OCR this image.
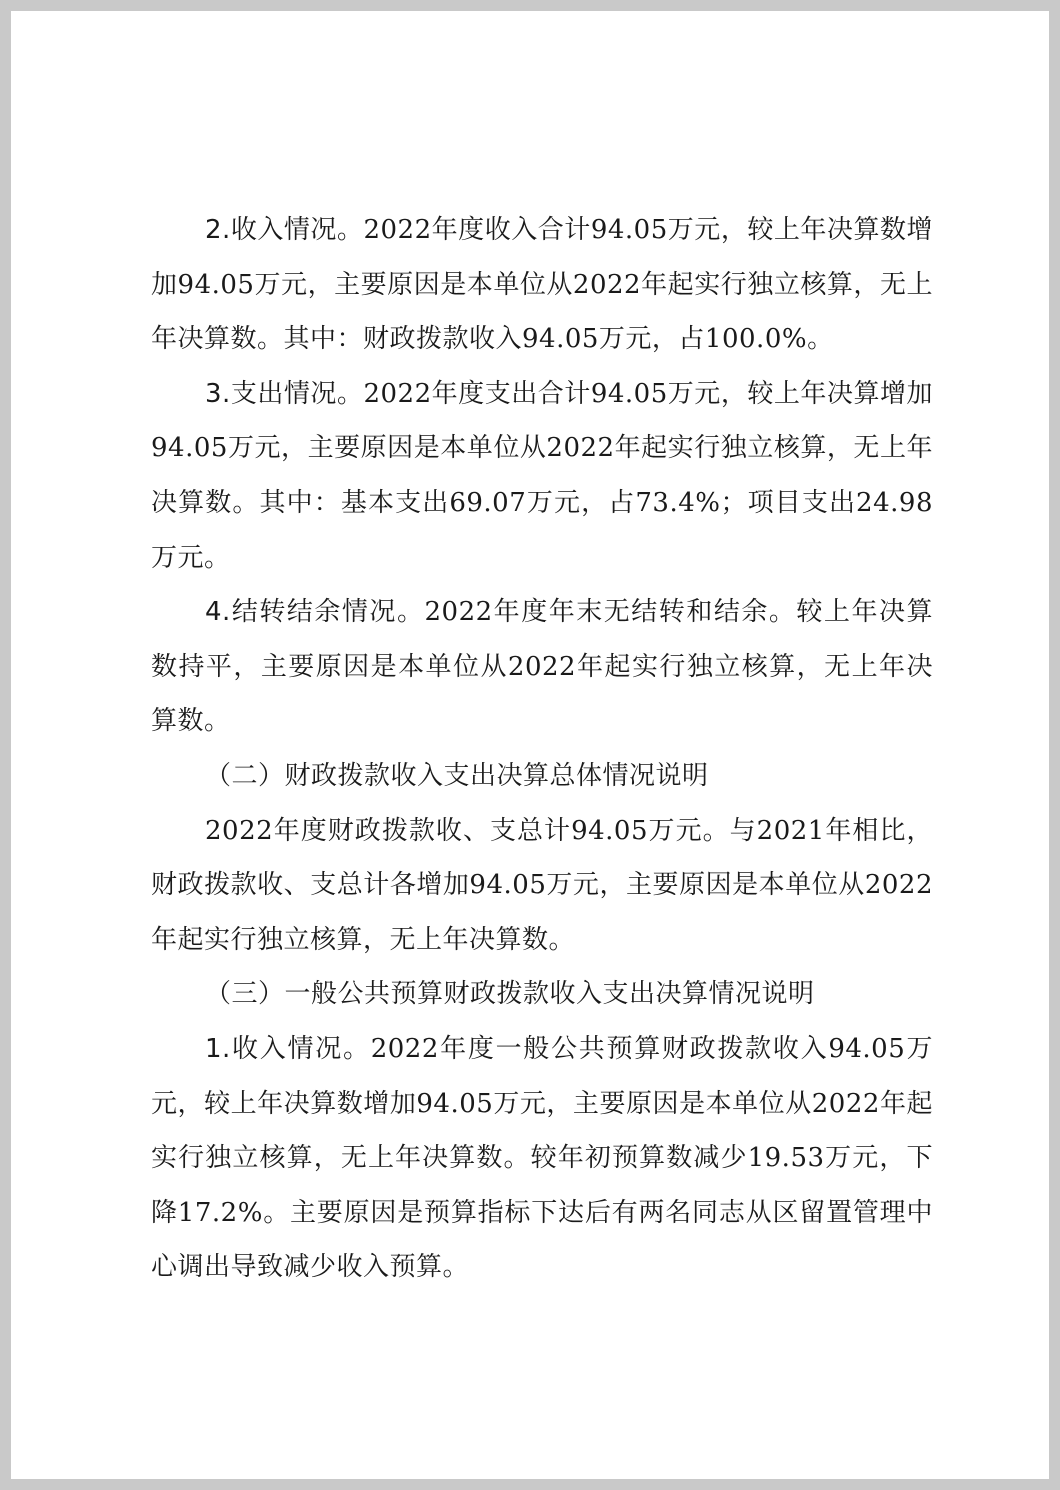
2.收入情况。2022年度收入合计94.05万元，较上年决算数增加94.05万元，主要原因是本单位从2022年起实行独立核算，无上年决算数。其中：财政拨款收入94.05万元，占100.0%。

3.支出情况。2022年度支出合计94.05万元，较上年决算增加94.05万元，主要原因是本单位从2022年起实行独立核算，无上年决算数。其中：基本支出69.07万元，占73.4%；项目支出24.98万元。

4.结转结余情况。2022年度年末无结转和结余。较上年决算数持平，主要原因是本单位从2022年起实行独立核算，无上年决算数。

（二）财政拨款收入支出决算总体情况说明

2022年度财政拨款收、支总计94.05万元。与2021年相比，财政拨款收、支总计各增加94.05万元，主要原因是本单位从2022年起实行独立核算，无上年决算数。

（三）一般公共预算财政拨款收入支出决算情况说明

1.收入情况。2022年度一般公共预算财政拨款收入94.05万元，较上年决算数增加94.05万元，主要原因是本单位从2022年起实行独立核算，无上年决算数。较年初预算数减少19.53万元，下降17.2%。主要原因是预算指标下达后有两名同志从区留置管理中心调出导致减少收入预算。
